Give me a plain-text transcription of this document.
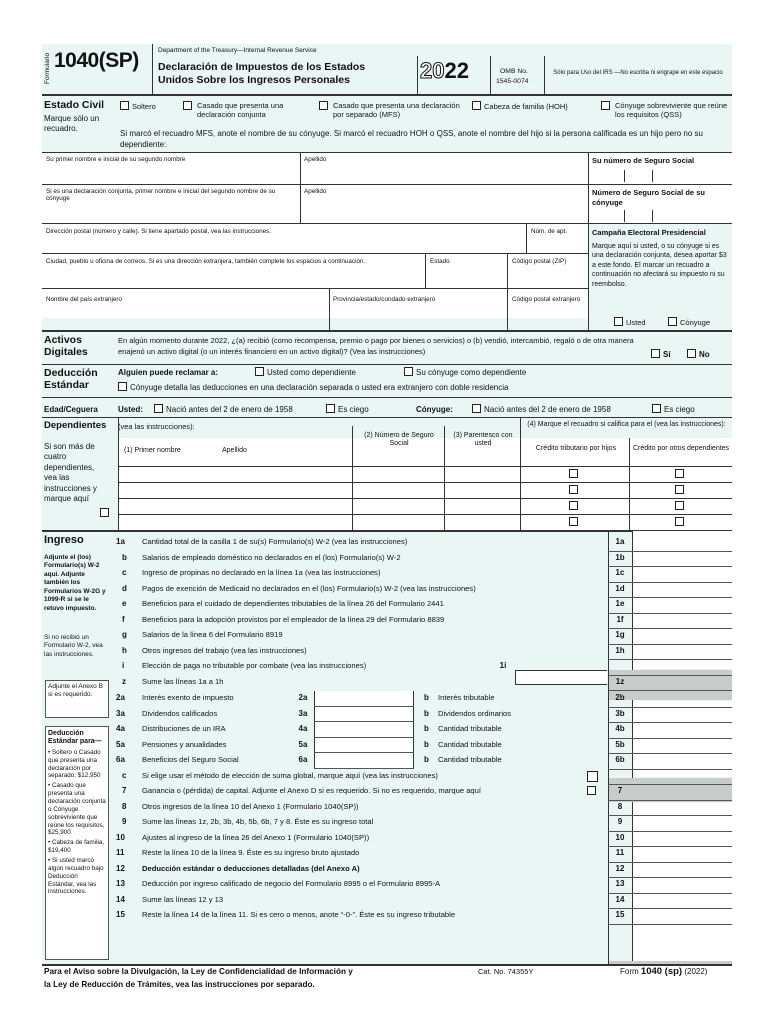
Formulario 1040(SP)	Department of the Treasury—Internal Revenue Service
Declaración de Impuestos de los Estados
Unidos Sobre los Ingresos Personales	2022	OMB No.
1545-0074
Sólo para Uso del IRS —No escriba ni engrape en este espacio
Estado Civil
Marque sólo un recuadro.
Soltero	Casado que presenta una declaración conjunta
Casado que presenta una declaración por separado (MFS)
Cabeza de familia (HOH)	Cónyuge sobreviviente que reúne los requisitos (QSS)
Si marcó el recuadro MFS, anote el nombre de su cónyuge. Si marcó el recuadro HOH o QSS, anote el nombre del hijo si la persona calificada es un hijo pero no su dependiente:
Su primer nombre e inicial de su segundo nombre	Apellido	Su número de Seguro Social
Si es una declaración conjunta, primer nombre e inicial del segundo nombre de su cónyuge
Apellido	Número de Seguro Social de su cónyuge
Dirección postal (número y calle). Si tiene apartado postal, vea las instrucciones.	Núm. de apt.	Campaña Electoral Presidencial
Marque aquí si usted, o su cónyuge si es una declaración conjunta, desea aportar $3 a este fondo. El marcar un recuadro a continuación no afectará su impuesto ni su reembolso.
Usted	Cónyuge
Ciudad, pueblo u oficina de correos. Si es una dirección extranjera, también complete los espacios a continuación.	Estado	Código postal (ZIP)
Nombre del país extranjero	Provincia/estado/condado extranjero	Código postal extranjero
Activos Digitales
En algún momento durante 2022, ¿(a) recibió (como recompensa, premio o pago por bienes o servicios) o (b) vendió, intercambió, regaló o de otra manera enajenó un activo digital (o un interés financiero en un activo digital)? (Vea las instrucciones)	Sí	No
Deducción Estándar
Alguien puede reclamar a:	Usted como dependiente	Su cónyuge como dependiente
Cónyuge detalla las deducciones en una declaración separada o usted era extranjero con doble residencia
Edad/Ceguera	Usted:	Nació antes del 2 de enero de 1958	Es ciego	Cónyuge:	Nació antes del 2 de enero de 1958	Es ciego
Dependientes (vea las instrucciones):
Si son más de cuatro dependientes, vea las instrucciones y marque aquí
(1) Primer nombre	Apellido
(2) Número de Seguro Social
(3) Parentesco con usted
(4) Marque el recuadro si califica para el (vea las instrucciones):
Crédito tributario por hijos	Crédito por otros dependientes
Ingreso
Adjunte el (los) Formulario(s) W-2 aquí. Adjunte también los Formularios W-2G y 1099-R si se le retuvo impuesto.
Si no recibió un Formulario W-2, vea las instrucciones.
Adjunte el Anexo B si es requerido.
Deducción Estándar para—
• Soltero o Casado que presenta una declaración por separado, $12,950
• Casado que presenta una declaración conjunta o Cónyuge sobreviviente que reúne los requisitos, $25,900
• Cabeza de familia, $19,400
• Si usted marcó algún recuadro bajo Deducción Estándar, vea las instrucciones.
1a Cantidad total de la casilla 1 de su(s) Formulario(s) W-2 (vea las instrucciones)	1a
b Salarios de empleado doméstico no declarados en el (los) Formulario(s) W-2	1b
c Ingreso de propinas no declarado en la línea 1a (vea las instrucciones)	1c
d Pagos de exención de Medicaid no declarados en el (los) Formulario(s) W-2 (vea las instrucciones)	1d
e Beneficios para el cuidado de dependientes tributables de la línea 26 del Formulario 2441	1e
f Beneficios para la adopción provistos por el empleador de la línea 29 del Formulario 8839	1f
g Salarios de la línea 6 del Formulario 8919	1g
h Otros ingresos del trabajo (vea las instrucciones)	1h
i Elección de paga no tributable por combate (vea las instrucciones)	1i
z Sume las líneas 1a a 1h	1z
2a Interés exento de impuesto	2a	b Interés tributable	2b
3a Dividendos calificados	3a	b Dividendos ordinarios	3b
4a Distribuciones de un IRA	4a	b Cantidad tributable	4b
5a Pensiones y anualidades	5a	b Cantidad tributable	5b
6a Beneficios del Seguro Social	6a	b Cantidad tributable	6b
c Si elige usar el método de elección de suma global, marque aquí (vea las instrucciones)
7 Ganancia o (pérdida) de capital. Adjunte el Anexo D si es requerido. Si no es requerido, marque aquí	7
8 Otros ingresos de la línea 10 del Anexo 1 (Formulario 1040(SP))	8
9 Sume las líneas 1z, 2b, 3b, 4b, 5b, 6b, 7 y 8. Éste es su ingreso total	9
10 Ajustes al ingreso de la línea 26 del Anexo 1 (Formulario 1040(SP))	10
11 Reste la línea 10 de la línea 9. Éste es su ingreso bruto ajustado	11
12 Deducción estándar o deducciones detalladas (del Anexo A)	12
13 Deducción por ingreso calificado de negocio del Formulario 8995 o el Formulario 8995-A	13
14 Sume las líneas 12 y 13	14
15 Reste la línea 14 de la línea 11. Si es cero o menos, anote “-0-”. Éste es su ingreso tributable	15
Para el Aviso sobre la Divulgación, la Ley de Confidencialidad de Información y
la Ley de Reducción de Trámites, vea las instrucciones por separado.
Cat. No. 74355Y	Form 1040 (sp) (2022)
